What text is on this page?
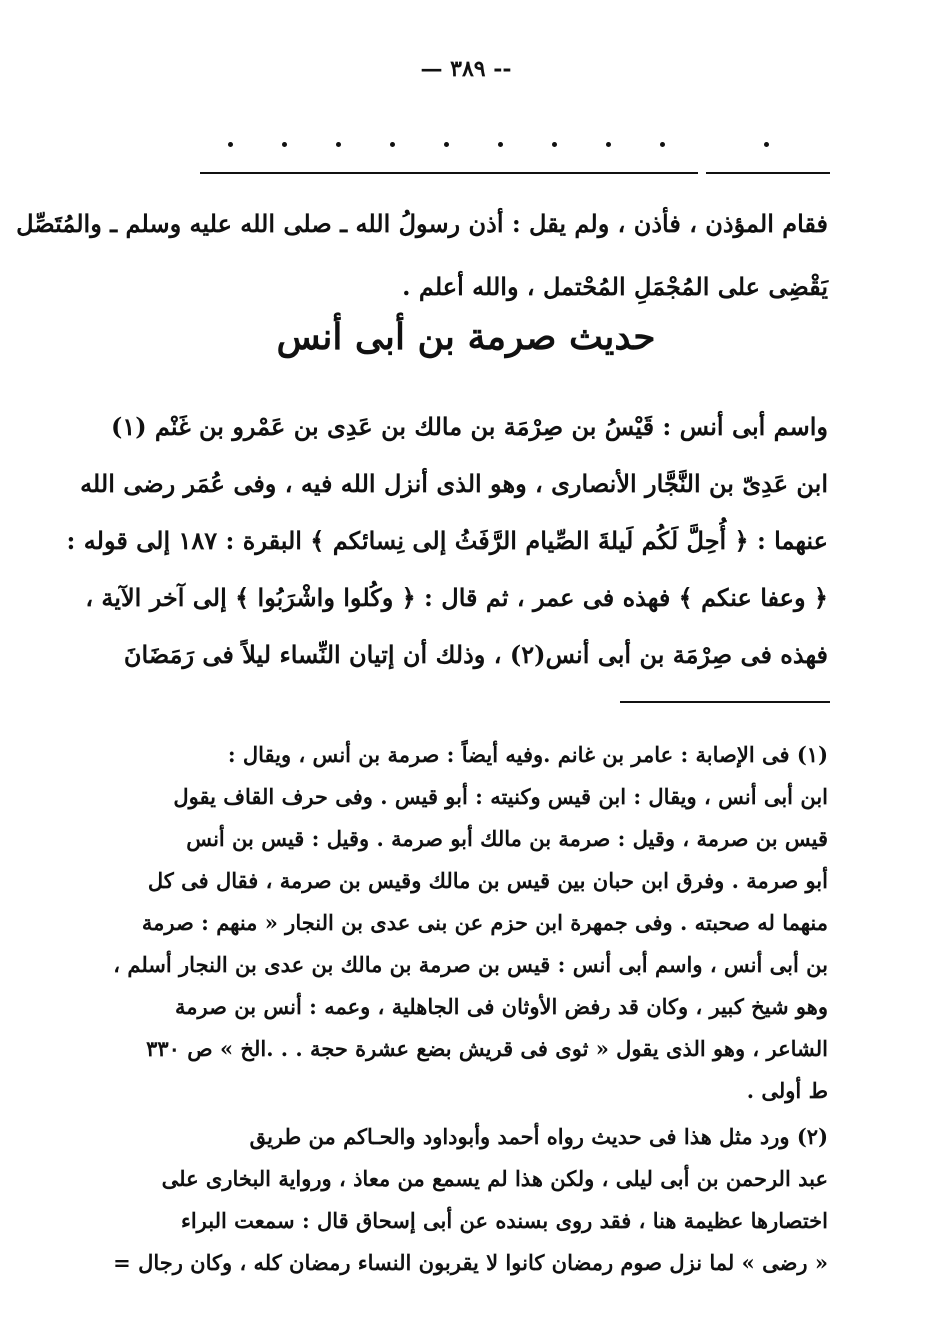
— ٣٨٩ --
فقام المؤذن ، فأذن ، ولم يقل : أذن رسولُ الله ـ صلى الله عليه وسلم ـ والمُتَصِّل
يَقْضِى على المُجْمَلِ المُحْتمل ، والله أعلم .
حديث صرمة بن أبى أنس
واسم أبى أنس : قَيْسُ بن صِرْمَة بن مالك بن عَدِى بن عَمْرو بن غَنْم (١)
ابن عَدِىّ بن النَّجَّار الأنصارى ، وهو الذى أنزل الله فيه ، وفى عُمَر رضى الله
عنهما : ﴿ أُحِلَّ لَكُم لَيلةَ الصِّيام الرَّفَثُ إلى نِسائكم ﴾ البقرة : ١٨٧ إلى قوله :
﴿ وعفا عنكم ﴾ فهذه فى عمر ، ثم قال : ﴿ وكُلوا واشْرَبُوا ﴾ إلى آخر الآية ،
فهذه فى صِرْمَة بن أبى أنس(٢) ، وذلك أن إتيان النِّساء ليلاً فى رَمَضَانَ
(١) فى الإصابة : عامر بن غانم .وفيه أيضاً : صرمة بن أنس ، ويقال :
ابن أبى أنس ، ويقال : ابن قيس وكنيته : أبو قيس . وفى حرف القاف يقول
قيس بن صرمة ، وقيل : صرمة بن مالك أبو صرمة . وقيل : قيس بن أنس
أبو صرمة . وفرق ابن حبان بين قيس بن مالك وقيس بن صرمة ، فقال فى كل
منهما له صحبته . وفى جمهرة ابن حزم عن بنى عدى بن النجار « منهم : صرمة
بن أبى أنس ، واسم أبى أنس : قيس بن صرمة بن مالك بن عدى بن النجار أسلم ،
وهو شيخ كبير ، وكان قد رفض الأوثان فى الجاهلية ، وعمه : أنس بن صرمة
الشاعر ، وهو الذى يقول « ثوى فى قريش بضع عشرة حجة . . .الخ » ص ٣٣٠
ط أولى .
(٢) ورد مثل هذا فى حديث رواه أحمد وأبوداود والحـاكم من طريق
عبد الرحمن بن أبى ليلى ، ولكن هذا لم يسمع من معاذ ، ورواية البخارى على
اختصارها عظيمة هنا ، فقد روى بسنده عن أبى إسحاق قال : سمعت البراء
« رضى » لما نزل صوم رمضان كانوا لا يقربون النساء رمضان كله ، وكان رجال =
